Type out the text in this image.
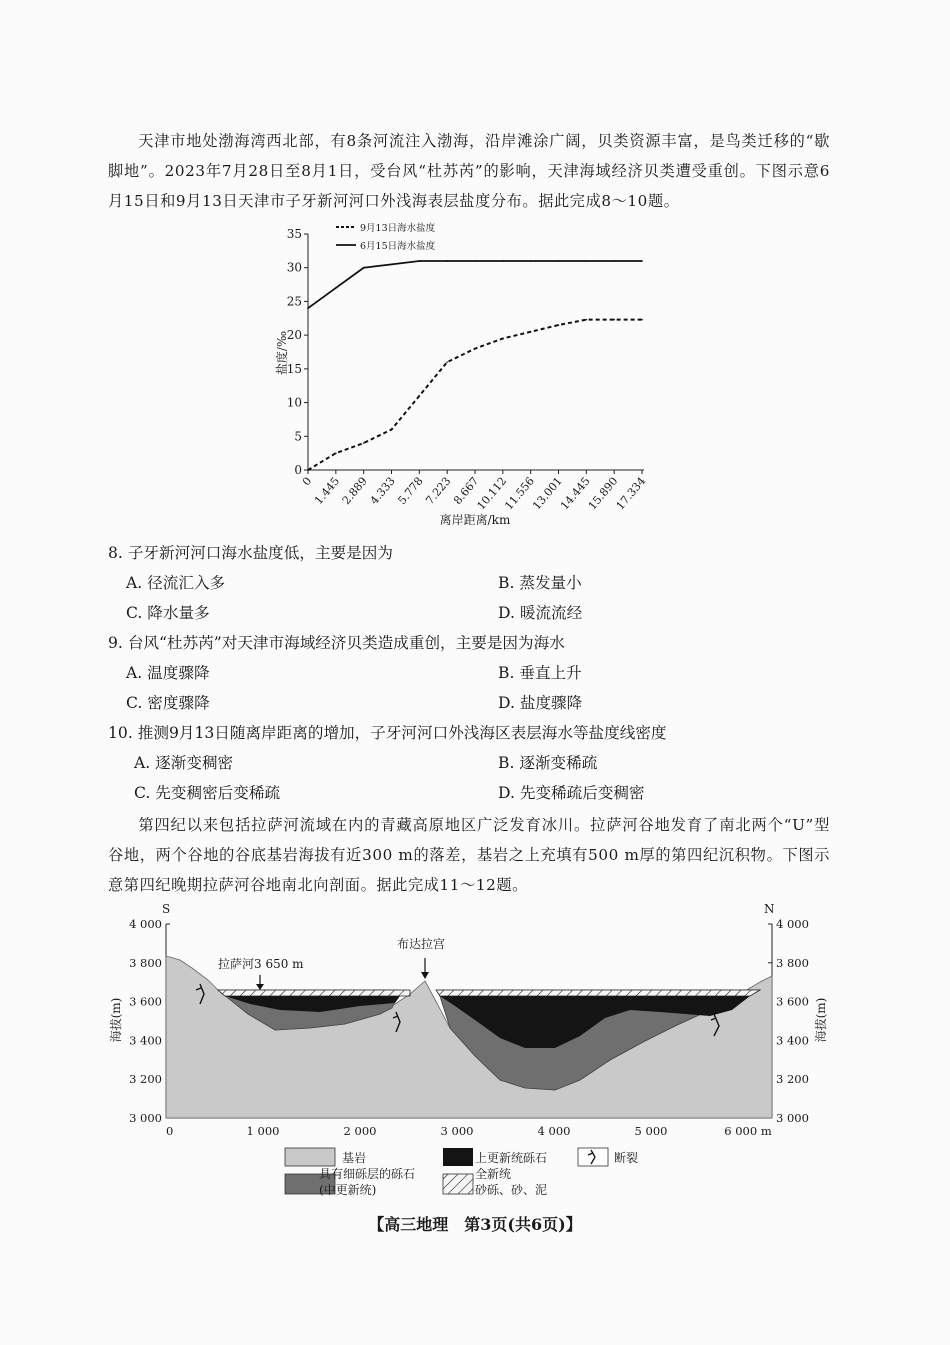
天津市地处渤海湾西北部，有8条河流注入渤海，沿岸滩涂广阔，贝类资源丰富，是鸟类迁移的“歇脚地”。2023年7月28日至8月1日，受台风“杜苏芮”的影响，天津海域经济贝类遭受重创。下图示意6月15日和9月13日天津市子牙新河河口外浅海表层盐度分布。据此完成8～10题。

0
5
10
15
20
25
30
35
0
1.445
2.889
4.333
5.778
7.223
8.667
10.112
11.556
13.001
14.445
15.890
17.334
9月13日海水盐度
6月15日海水盐度
盐度/‰
离岸距离/km
8. 子牙新河河口海水盐度低，主要是因为
A. 径流汇入多	B. 蒸发量小
C. 降水量多	D. 暖流流经
9. 台风“杜苏芮”对天津市海域经济贝类造成重创，主要是因为海水
A. 温度骤降	B. 垂直上升
C. 密度骤降	D. 盐度骤降
10. 推测9月13日随离岸距离的增加，子牙河河口外浅海区表层海水等盐度线密度
A. 逐渐变稠密	B. 逐渐变稀疏
C. 先变稠密后变稀疏	D. 先变稀疏后变稠密

第四纪以来包括拉萨河流域在内的青藏高原地区广泛发育冰川。拉萨河谷地发育了南北两个“U”型谷地，两个谷地的谷底基岩海拔有近300 m的落差，基岩之上充填有500 m厚的第四纪沉积物。下图示意第四纪晚期拉萨河谷地南北向剖面。据此完成11～12题。

3 000	3 000
3 200	3 200
3 400	3 400
3 600	3 600
3 800	3 800
4 000	4 000
0	1 000	2 000	3 000	4 000	5 000	6 000 m
拉萨河3 650 m
布达拉宫
S	N
海拔(m)	海拔(m)
基岩	上更新统砾石	断裂
具有细砾层的砾石
(中更新统)
全新统
砂砾、砂、泥
【高三地理　第3页(共6页)】
